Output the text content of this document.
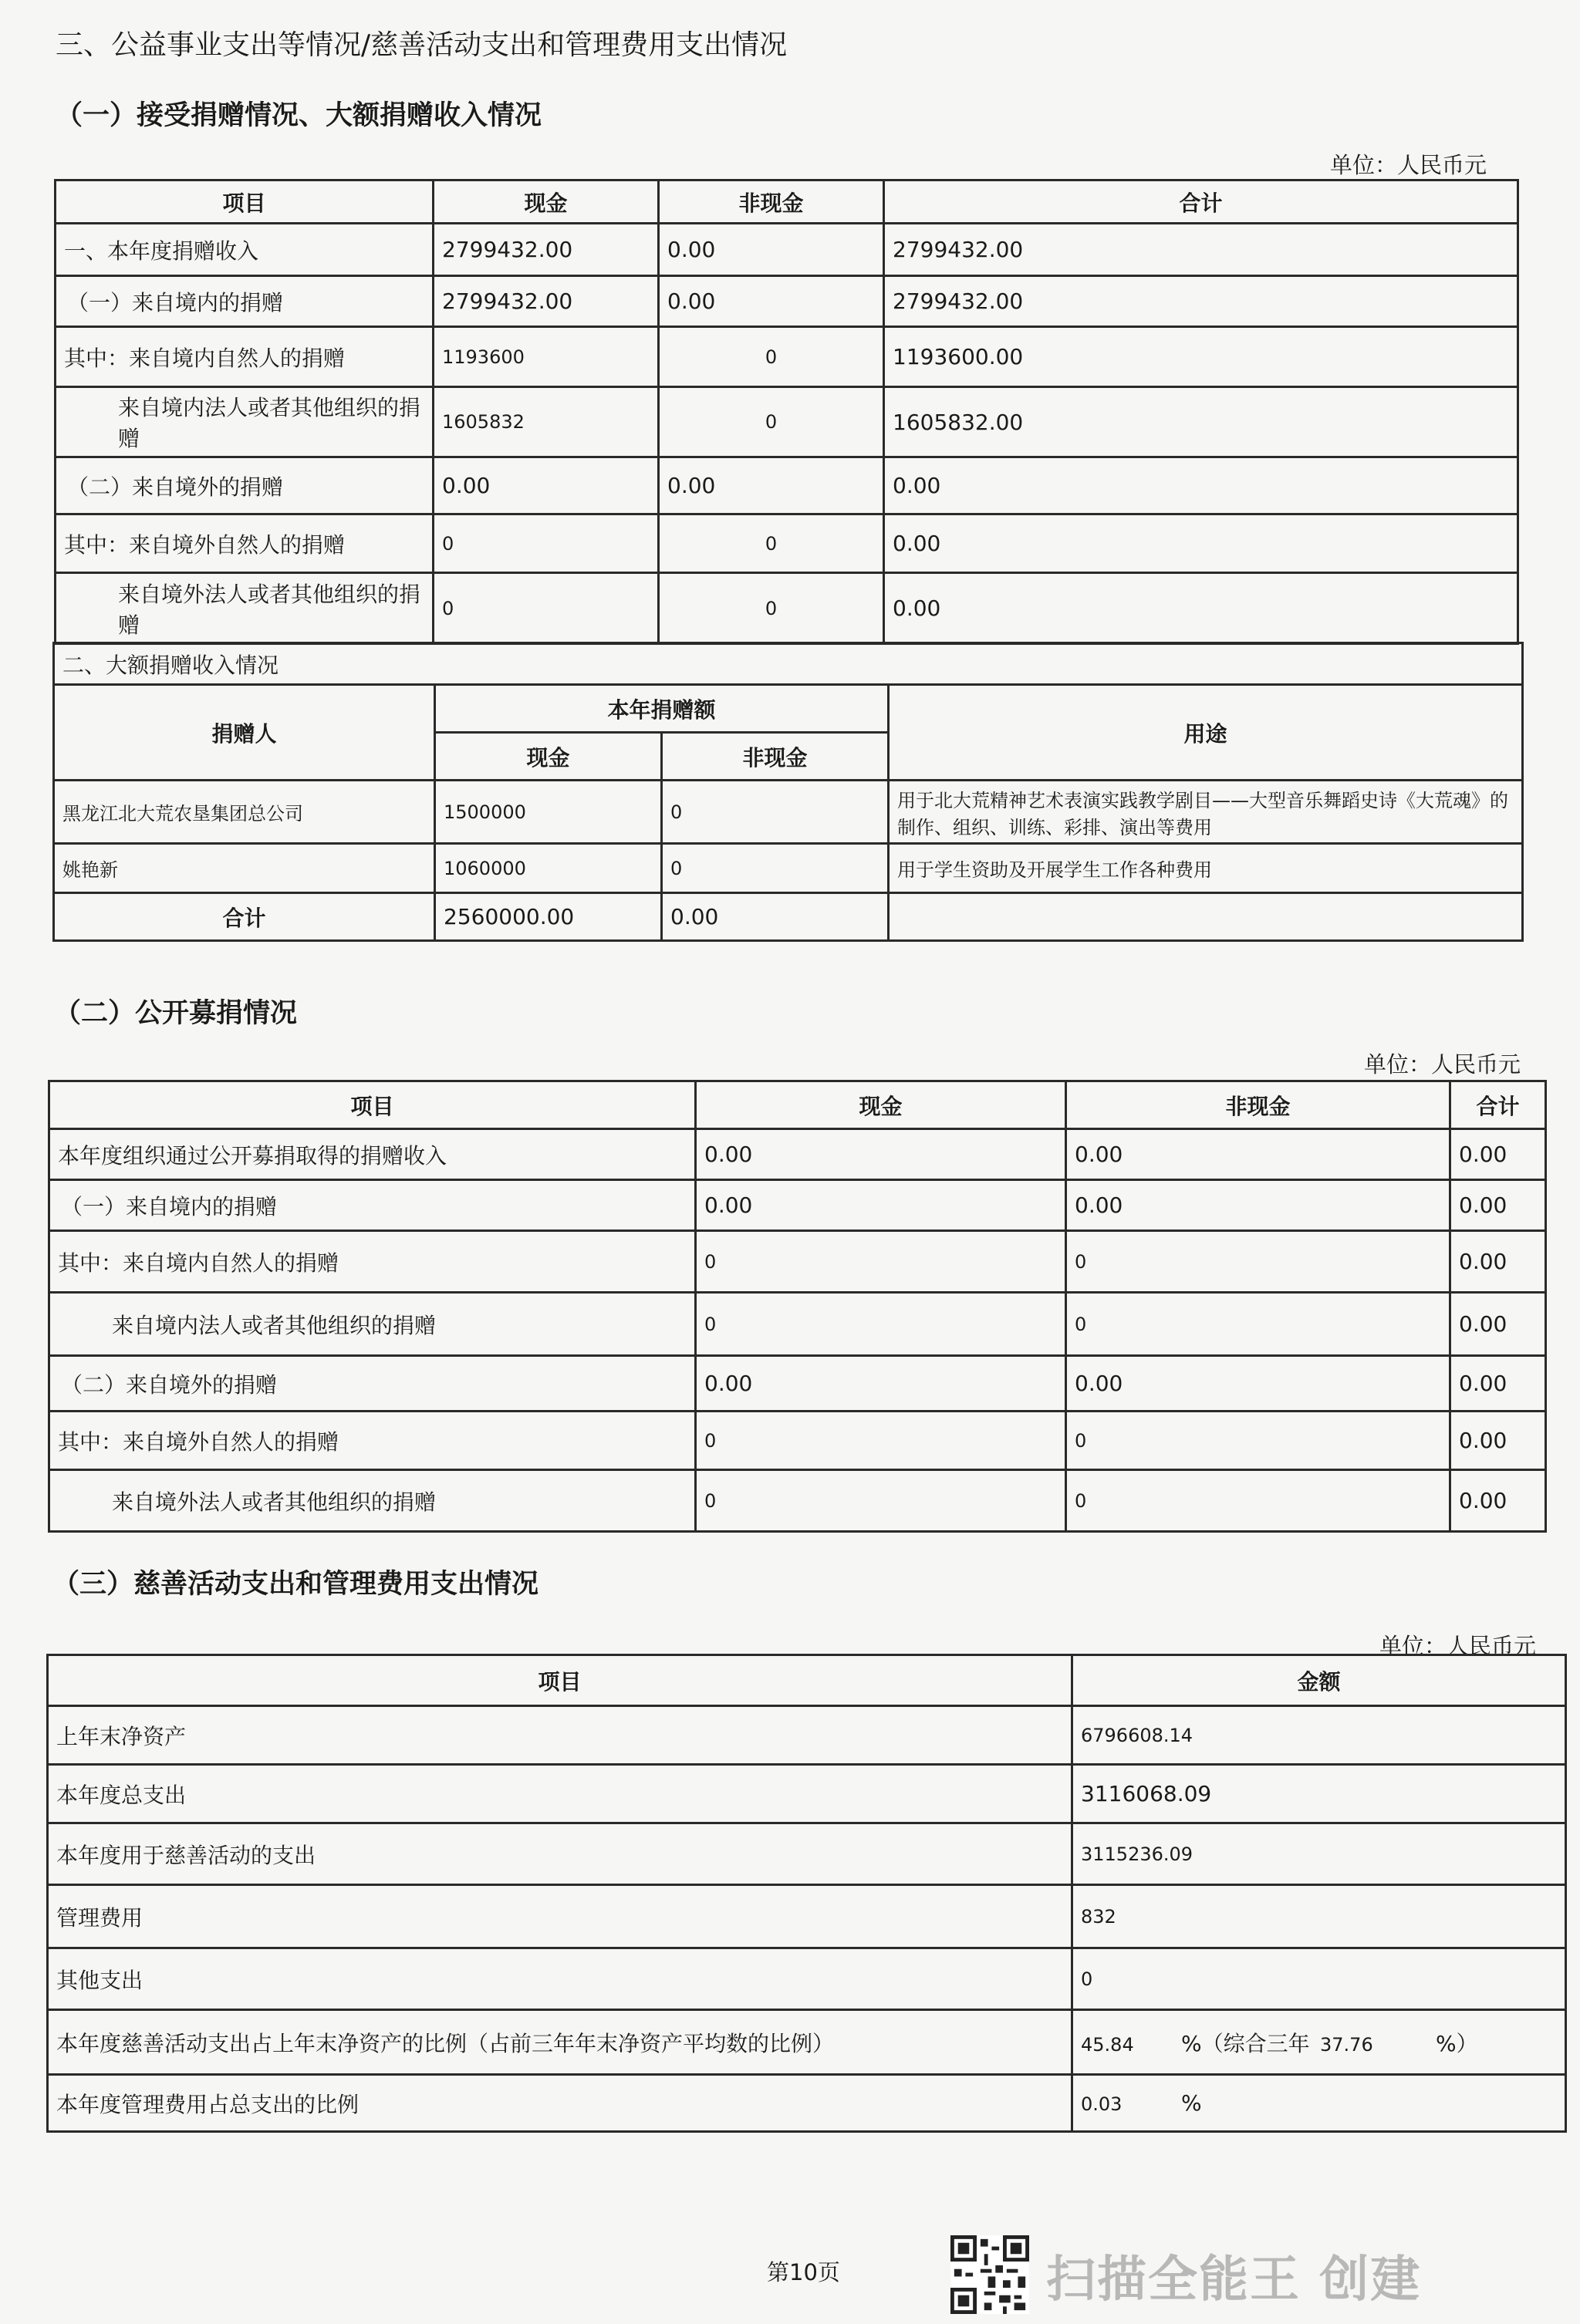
三、公益事业支出等情况/慈善活动支出和管理费用支出情况
（一）接受捐赠情况、大额捐赠收入情况
单位：人民币元
项目	现金	非现金	合计
一、本年度捐赠收入	2799432.00	0.00	2799432.00
（一）来自境内的捐赠	2799432.00	0.00	2799432.00
其中：来自境内自然人的捐赠	1193600	0	1193600.00
来自境内法人或者其他组织的捐赠	1605832	0	1605832.00
（二）来自境外的捐赠	0.00	0.00	0.00
其中：来自境外自然人的捐赠	0	0	0.00
来自境外法人或者其他组织的捐赠	0	0	0.00
二、大额捐赠收入情况			
捐赠人	本年捐赠额		用途
	现金	非现金	
黑龙江北大荒农垦集团总公司	1500000	0	用于北大荒精神艺术表演实践教学剧目——大型音乐舞蹈史诗《大荒魂》的制作、组织、训练、彩排、演出等费用
姚艳新	1060000	0	用于学生资助及开展学生工作各种费用
合计	2560000.00	0.00	
（二）公开募捐情况
单位：人民币元
项目	现金	非现金	合计
本年度组织通过公开募捐取得的捐赠收入	0.00	0.00	0.00
（一）来自境内的捐赠	0.00	0.00	0.00
其中：来自境内自然人的捐赠	0	0	0.00
来自境内法人或者其他组织的捐赠	0	0	0.00
（二）来自境外的捐赠	0.00	0.00	0.00
其中：来自境外自然人的捐赠	0	0	0.00
来自境外法人或者其他组织的捐赠	0	0	0.00
（三）慈善活动支出和管理费用支出情况
单位：人民币元
项目	金额
上年末净资产	6796608.14
本年度总支出	3116068.09
本年度用于慈善活动的支出	3115236.09
管理费用	832
其他支出	0
本年度慈善活动支出占上年末净资产的比例（占前三年年末净资产平均数的比例）	45.84 %（综合三年 37.76 %）
本年度管理费用占总支出的比例	0.03 %
第10页	扫描全能王 创建
